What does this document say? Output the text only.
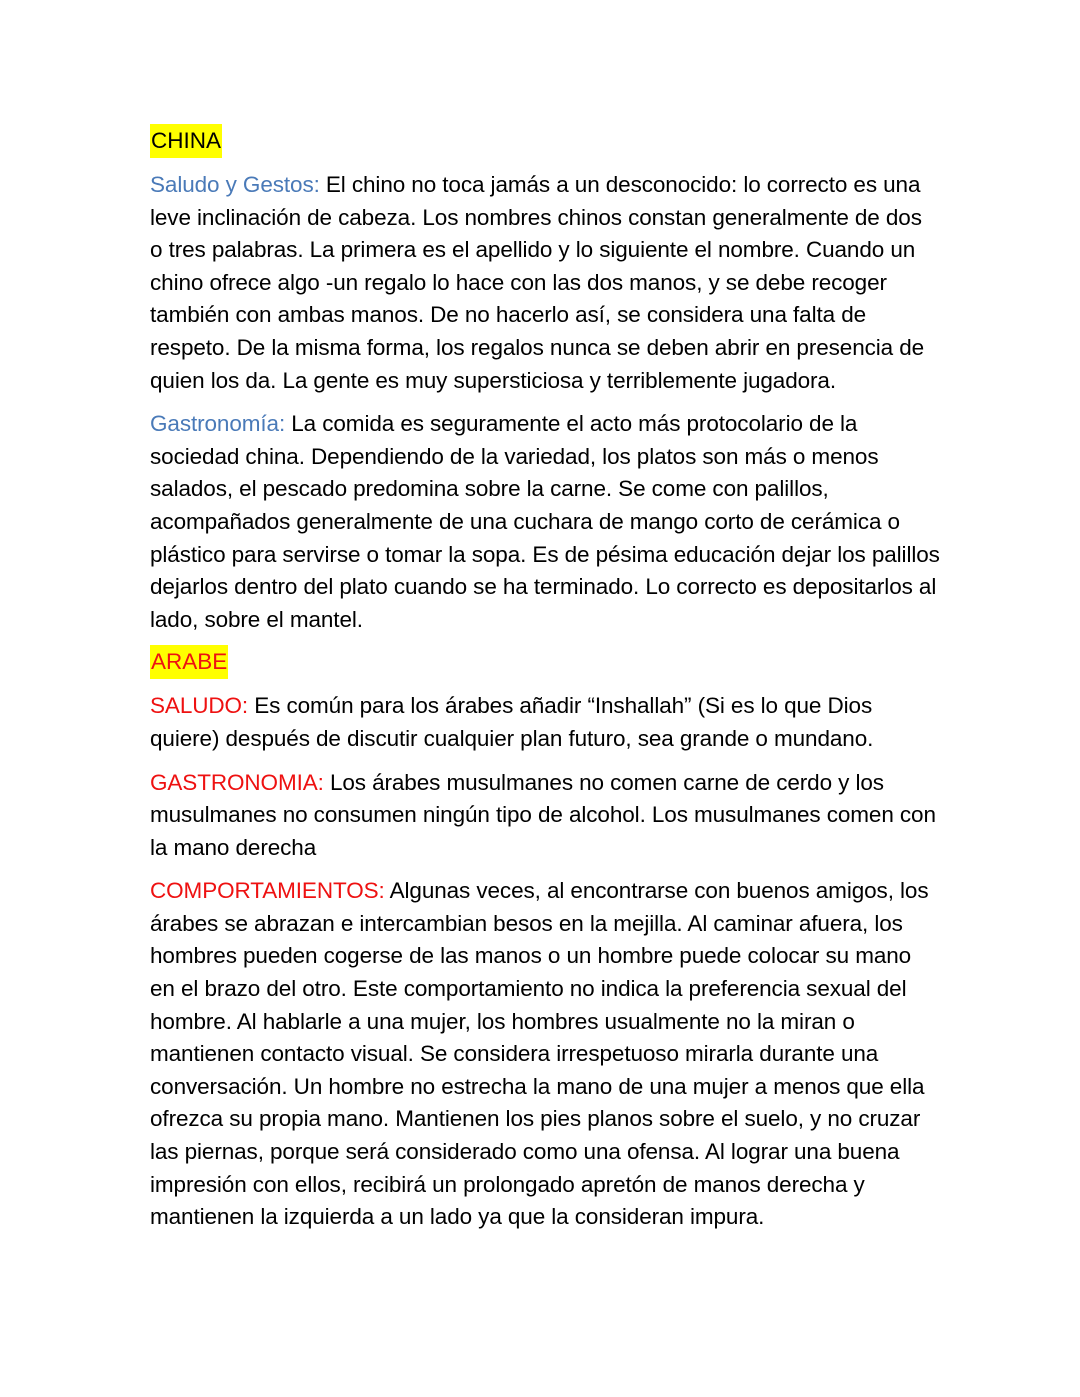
CHINA

Saludo y Gestos: El chino no toca jamás a un desconocido: lo correcto es una leve inclinación de cabeza. Los nombres chinos constan generalmente de dos o tres palabras. La primera es el apellido y lo siguiente el nombre. Cuando un chino ofrece algo -un regalo lo hace con las dos manos, y se debe recoger también con ambas manos. De no hacerlo así, se considera una falta de respeto. De la misma forma, los regalos nunca se deben abrir en presencia de quien los da. La gente es muy supersticiosa y terriblemente jugadora.

Gastronomía: La comida es seguramente el acto más protocolario de la sociedad china. Dependiendo de la variedad, los platos son más o menos salados, el pescado predomina sobre la carne. Se come con palillos, acompañados generalmente de una cuchara de mango corto de cerámica o plástico para servirse o tomar la sopa. Es de pésima educación dejar los palillos dejarlos dentro del plato cuando se ha terminado. Lo correcto es depositarlos al lado, sobre el mantel.

ARABE

SALUDO: Es común para los árabes añadir “Inshallah” (Si es lo que Dios quiere) después de discutir cualquier plan futuro, sea grande o mundano.

GASTRONOMIA: Los árabes musulmanes no comen carne de cerdo y los musulmanes no consumen ningún tipo de alcohol. Los musulmanes comen con la mano derecha

COMPORTAMIENTOS: Algunas veces, al encontrarse con buenos amigos, los árabes se abrazan e intercambian besos en la mejilla. Al caminar afuera, los hombres pueden cogerse de las manos o un hombre puede colocar su mano en el brazo del otro. Este comportamiento no indica la preferencia sexual del hombre. Al hablarle a una mujer, los hombres usualmente no la miran o mantienen contacto visual. Se considera irrespetuoso mirarla durante una conversación. Un hombre no estrecha la mano de una mujer a menos que ella ofrezca su propia mano. Mantienen los pies planos sobre el suelo, y no cruzar las piernas, porque será considerado como una ofensa. Al lograr una buena impresión con ellos, recibirá un prolongado apretón de manos derecha y mantienen la izquierda a un lado ya que la consideran impura.
